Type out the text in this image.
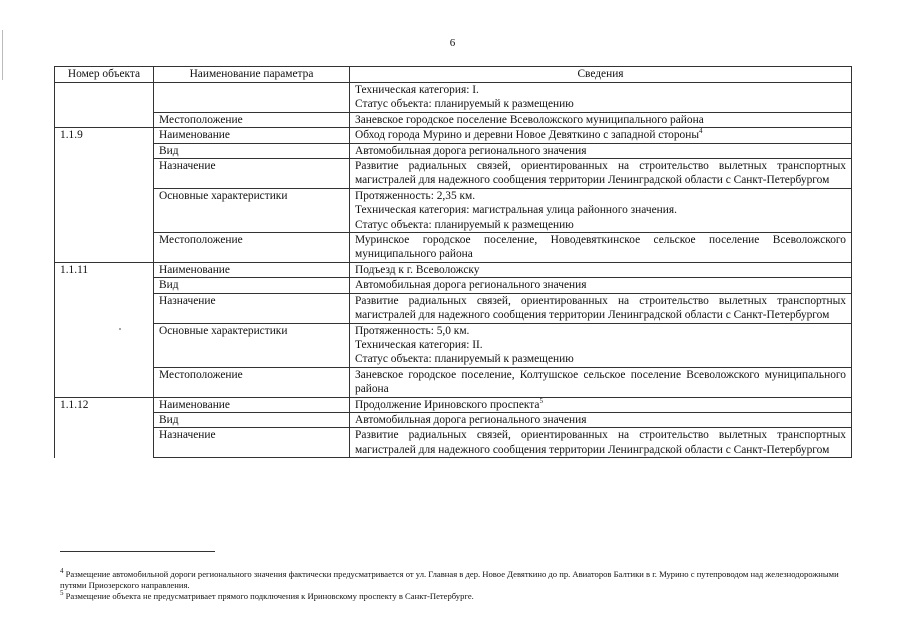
6
Номер объекта	Наименование параметра	Сведения

		Техническая категория: I.
Статус объекта: планируемый к размещению

	Местоположение	Заневское городское поселение Всеволожского муниципального района
1.1.9	Наименование	Обход города Мурино и деревни Новое Девяткино с западной стороны$^4$

	Вид	Автомобильная дорога регионального значения

	Назначение	Развитие радиальных связей, ориентированных на строительство вылетных транспортных магистралей для надежного сообщения территории Ленинградской области с Санкт-Петербургом

	Основные характеристики	Протяженность: 2,35 км.
Техническая категория: магистральная улица районного значения.
Статус объекта: планируемый к размещению

	Местоположение	Муринское городское поселение, Новодевяткинское сельское поселение Всеволожского муниципального района

1.1.11	Наименование	Подъезд к г. Всеволожску

	Вид	Автомобильная дорога регионального значения

	Назначение	Развитие радиальных связей, ориентированных на строительство вылетных транспортных магистралей для надежного сообщения территории Ленинградской области с Санкт-Петербургом

	Основные характеристики	Протяженность: 5,0 км.
Техническая категория: II.
Статус объекта: планируемый к размещению

	Местоположение	Заневское городское поселение, Колтушское сельское поселение Всеволожского муниципального района

1.1.12	Наименование	Продолжение Ириновского проспекта$^5$

	Вид	Автомобильная дорога регионального значения

	Назначение	Развитие радиальных связей, ориентированных на строительство вылетных транспортных магистралей для надежного сообщения территории Ленинградской области с Санкт-Петербургом

$^4$ Размещение автомобильной дороги регионального значения фактически предусматривается от ул. Главная в дер. Новое Девяткино до пр. Авиаторов Балтики в г. Мурино с путепроводом над железнодорожными путями Приозерского направления.

$^5$ Размещение объекта не предусматривает прямого подключения к Ириновскому проспекту в Санкт-Петербурге.
